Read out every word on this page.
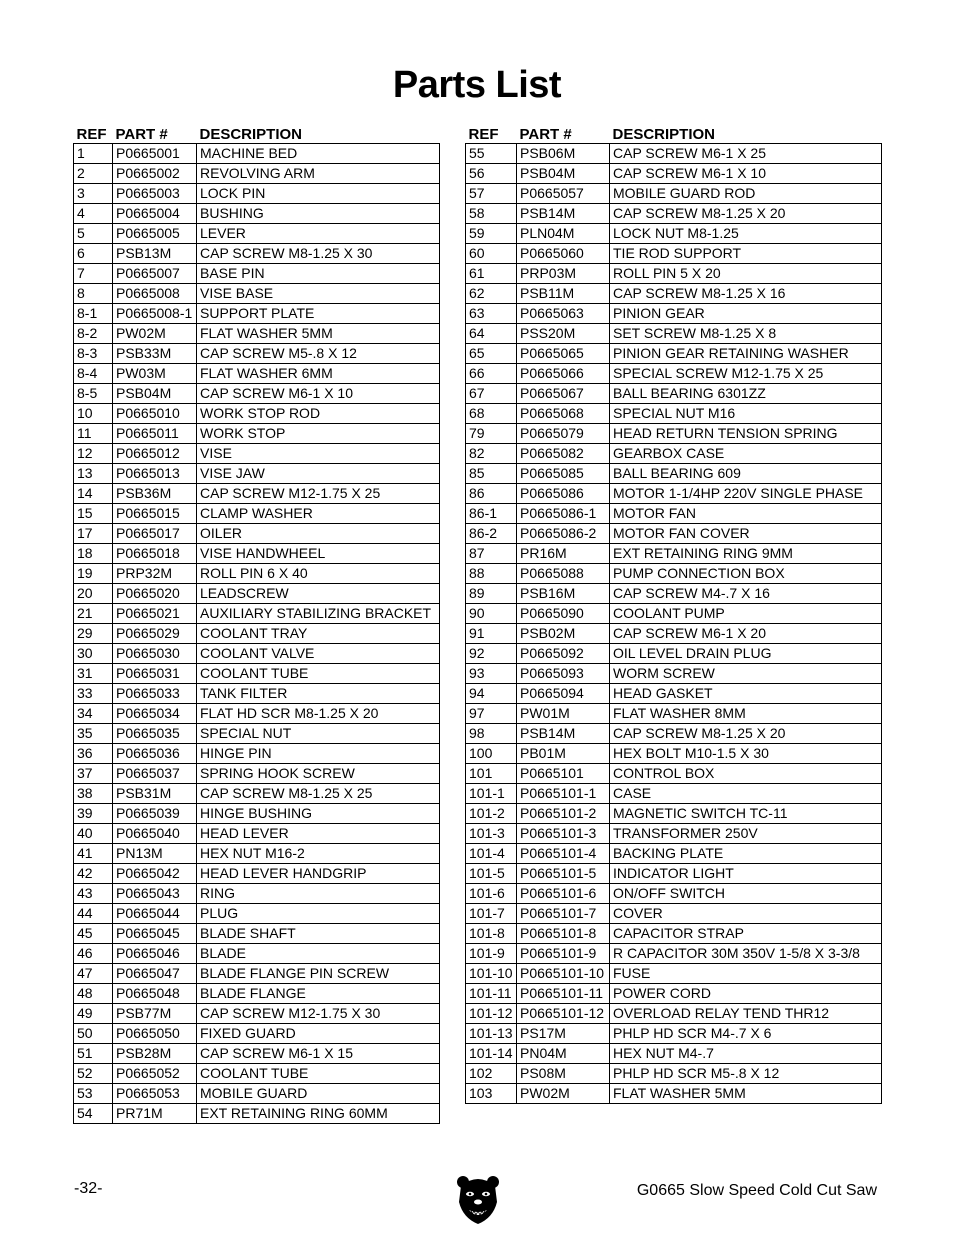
Parts List
REF	PART #	DESCRIPTION
1	P0665001	MACHINE BED
2	P0665002	REVOLVING ARM
3	P0665003	LOCK PIN
4	P0665004	BUSHING
5	P0665005	LEVER
6	PSB13M	CAP SCREW M8-1.25 X 30
7	P0665007	BASE PIN
8	P0665008	VISE BASE
8-1	P0665008-1	SUPPORT PLATE
8-2	PW02M	FLAT WASHER 5MM
8-3	PSB33M	CAP SCREW M5-.8 X 12
8-4	PW03M	FLAT WASHER 6MM
8-5	PSB04M	CAP SCREW M6-1 X 10
10	P0665010	WORK STOP ROD
11	P0665011	WORK STOP
12	P0665012	VISE
13	P0665013	VISE JAW
14	PSB36M	CAP SCREW M12-1.75 X 25
15	P0665015	CLAMP WASHER
17	P0665017	OILER
18	P0665018	VISE HANDWHEEL
19	PRP32M	ROLL PIN 6 X 40
20	P0665020	LEADSCREW
21	P0665021	AUXILIARY STABILIZING BRACKET
29	P0665029	COOLANT TRAY
30	P0665030	COOLANT VALVE
31	P0665031	COOLANT TUBE
33	P0665033	TANK FILTER
34	P0665034	FLAT HD SCR M8-1.25 X 20
35	P0665035	SPECIAL NUT
36	P0665036	HINGE PIN
37	P0665037	SPRING HOOK SCREW
38	PSB31M	CAP SCREW M8-1.25 X 25
39	P0665039	HINGE BUSHING
40	P0665040	HEAD LEVER
41	PN13M	HEX NUT M16-2
42	P0665042	HEAD LEVER HANDGRIP
43	P0665043	RING
44	P0665044	PLUG
45	P0665045	BLADE SHAFT
46	P0665046	BLADE
47	P0665047	BLADE FLANGE PIN SCREW
48	P0665048	BLADE FLANGE
49	PSB77M	CAP SCREW M12-1.75 X 30
50	P0665050	FIXED GUARD
51	PSB28M	CAP SCREW M6-1 X 15
52	P0665052	COOLANT TUBE
53	P0665053	MOBILE GUARD
54	PR71M	EXT RETAINING RING 60MM
REF	PART #	DESCRIPTION
55	PSB06M	CAP SCREW M6-1 X 25
56	PSB04M	CAP SCREW M6-1 X 10
57	P0665057	MOBILE GUARD ROD
58	PSB14M	CAP SCREW M8-1.25 X 20
59	PLN04M	LOCK NUT M8-1.25
60	P0665060	TIE ROD SUPPORT
61	PRP03M	ROLL PIN 5 X 20
62	PSB11M	CAP SCREW M8-1.25 X 16
63	P0665063	PINION GEAR
64	PSS20M	SET SCREW M8-1.25 X 8
65	P0665065	PINION GEAR RETAINING WASHER
66	P0665066	SPECIAL SCREW M12-1.75 X 25
67	P0665067	BALL BEARING 6301ZZ
68	P0665068	SPECIAL NUT M16
79	P0665079	HEAD RETURN TENSION SPRING
82	P0665082	GEARBOX CASE
85	P0665085	BALL BEARING 609
86	P0665086	MOTOR 1-1/4HP 220V SINGLE PHASE
86-1	P0665086-1	MOTOR FAN
86-2	P0665086-2	MOTOR FAN COVER
87	PR16M	EXT RETAINING RING 9MM
88	P0665088	PUMP CONNECTION BOX
89	PSB16M	CAP SCREW M4-.7 X 16
90	P0665090	COOLANT PUMP
91	PSB02M	CAP SCREW M6-1 X 20
92	P0665092	OIL LEVEL DRAIN PLUG
93	P0665093	WORM SCREW
94	P0665094	HEAD GASKET
97	PW01M	FLAT WASHER 8MM
98	PSB14M	CAP SCREW M8-1.25 X 20
100	PB01M	HEX BOLT M10-1.5 X 30
101	P0665101	CONTROL BOX
101-1	P0665101-1	CASE
101-2	P0665101-2	MAGNETIC SWITCH TC-11
101-3	P0665101-3	TRANSFORMER 250V
101-4	P0665101-4	BACKING PLATE
101-5	P0665101-5	INDICATOR LIGHT
101-6	P0665101-6	ON/OFF SWITCH
101-7	P0665101-7	COVER
101-8	P0665101-8	CAPACITOR STRAP
101-9	P0665101-9	R CAPACITOR 30M 350V 1-5/8 X 3-3/8
101-10	P0665101-10	FUSE
101-11	P0665101-11	POWER CORD
101-12	P0665101-12	OVERLOAD RELAY TEND THR12
101-13	PS17M	PHLP HD SCR M4-.7 X 6
101-14	PN04M	HEX NUT M4-.7
102	PS08M	PHLP HD SCR M5-.8 X 12
103	PW02M	FLAT WASHER 5MM
-32-	G0665 Slow Speed Cold Cut Saw
